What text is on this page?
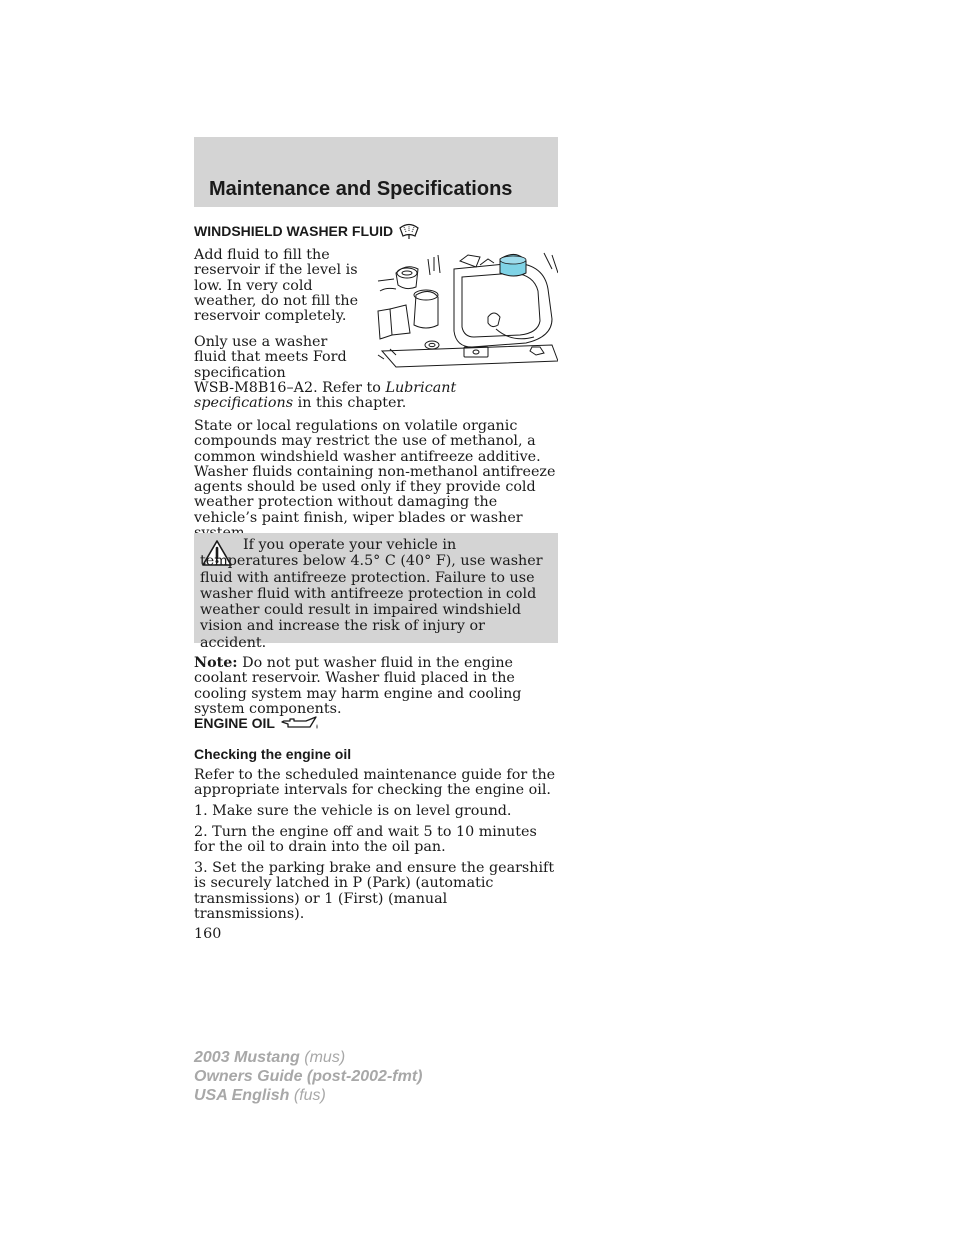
Maintenance and Specifications
WINDSHIELD WASHER FLUID

Add fluid to fill the reservoir if the level is low. In very cold weather, do not fill the reservoir completely.

Only use a washer fluid that meets Ford specification
WSB-M8B16–A2. Refer to Lubricant specifications in this chapter.

State or local regulations on volatile organic compounds may restrict the use of methanol, a common windshield washer antifreeze additive. Washer fluids containing non-methanol antifreeze agents should be used only if they provide cold weather protection without damaging the vehicle’s paint finish, wiper blades or washer

If you operate your vehicle in temperatures below 4.5° C (40° F), use washer fluid with antifreeze protection. Failure to use washer fluid with antifreeze protection in cold weather could result in impaired windshield vision and increase the risk of injury or accident.

Note: Do not put washer fluid in the engine coolant reservoir. Washer fluid placed in the cooling system may harm engine and cooling system components.

ENGINE OIL
Checking the engine oil

Refer to the scheduled maintenance guide for the appropriate intervals for checking the engine oil.

1. Make sure the vehicle is on level ground.

2. Turn the engine off and wait 5 to 10 minutes for the oil to drain into the oil pan.

3. Set the parking brake and ensure the gearshift is securely latched in P (Park) (automatic transmissions) or 1 (First) (manual transmissions).

160

2003 Mustang (mus)
Owners Guide (post-2002-fmt)
USA English (fus)
